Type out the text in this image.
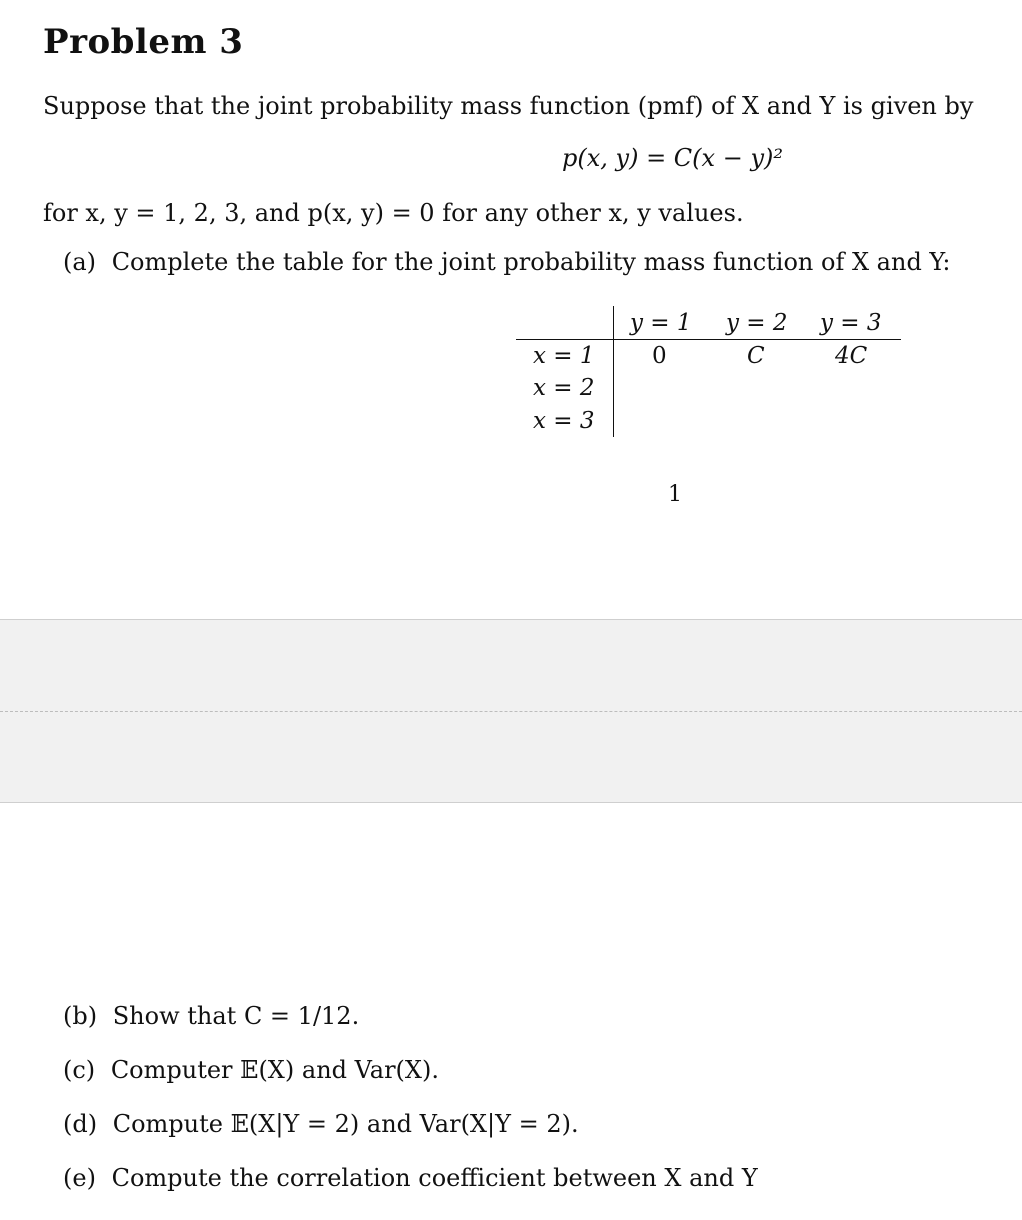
Problem 3
Suppose that the joint probability mass function (pmf) of X and Y is given by
p(x, y) = C(x − y)²
for x, y = 1, 2, 3, and p(x, y) = 0 for any other x, y values.
(a) Complete the table for the joint probability mass function of X and Y:
y = 1 y = 2 y = 3
x = 1
x = 2
x = 3
0	C	4C
1
(b) Show that C = 1/12.
(c) Computer 𝔼(X) and Var(X).
(d) Compute 𝔼(X|Y = 2) and Var(X|Y = 2).
(e) Compute the correlation coefficient between X and Y
